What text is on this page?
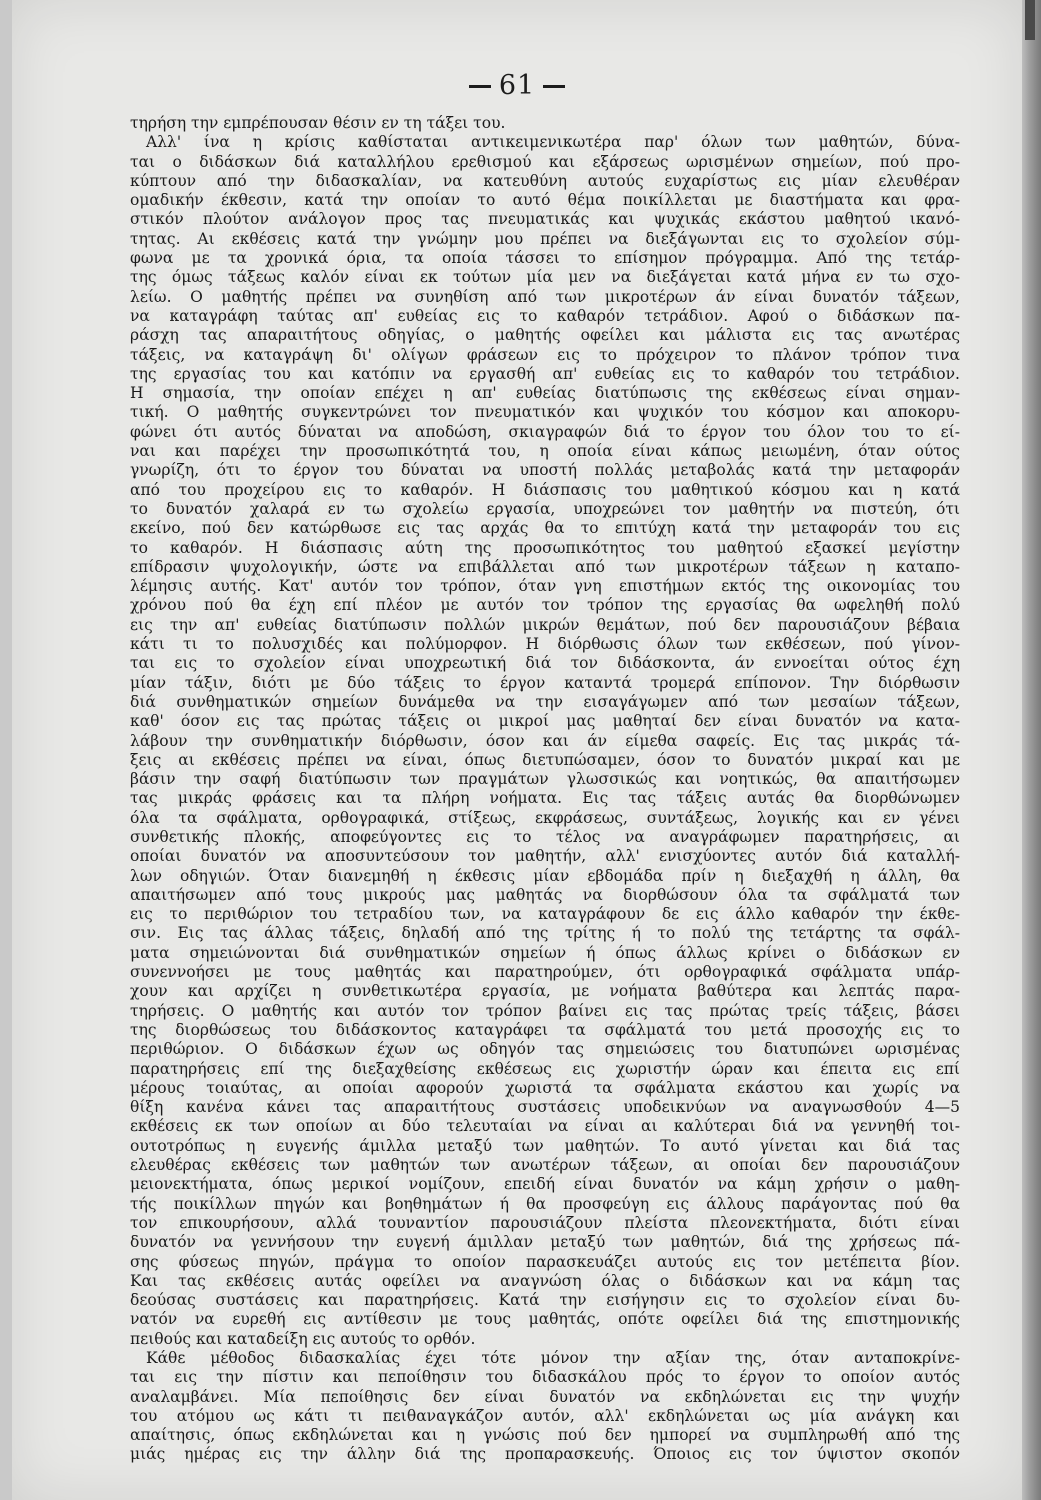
61
τηρήση την εμπρέπουσαν θέσιν εν τη τάξει του.
Αλλ' ίνα η κρίσις καθίσταται αντικειμενικωτέρα παρ' όλων των μαθητών, δύνα-
ται ο διδάσκων διά καταλλήλου ερεθισμού και εξάρσεως ωρισμένων σημείων, πού προ-
κύπτουν από την διδασκαλίαν, να κατευθύνη αυτούς ευχαρίστως εις μίαν ελευθέραν
ομαδικήν έκθεσιν, κατά την οποίαν το αυτό θέμα ποικίλλεται με διαστήματα και φρα-
στικόν πλούτον ανάλογον προς τας πνευματικάς και ψυχικάς εκάστου μαθητού ικανό-
τητας. Αι εκθέσεις κατά την γνώμην μου πρέπει να διεξάγωνται εις το σχολείον σύμ-
φωνα με τα χρονικά όρια, τα οποία τάσσει το επίσημον πρόγραμμα. Από της τετάρ-
της όμως τάξεως καλόν είναι εκ τούτων μία μεν να διεξάγεται κατά μήνα εν τω σχο-
λείω. Ο μαθητής πρέπει να συνηθίση από των μικροτέρων άν είναι δυνατόν τάξεων,
να καταγράφη ταύτας απ' ευθείας εις το καθαρόν τετράδιον. Αφού ο διδάσκων πα-
ράσχη τας απαραιτήτους οδηγίας, ο μαθητής οφείλει και μάλιστα εις τας ανωτέρας
τάξεις, να καταγράψη δι' ολίγων φράσεων εις το πρόχειρον το πλάνον τρόπον τινα
της εργασίας του και κατόπιν να εργασθή απ' ευθείας εις το καθαρόν του τετράδιον.
Η σημασία, την οποίαν επέχει η απ' ευθείας διατύπωσις της εκθέσεως είναι σημαν-
τική. Ο μαθητής συγκεντρώνει τον πνευματικόν και ψυχικόν του κόσμον και αποκορυ-
φώνει ότι αυτός δύναται να αποδώση, σκιαγραφών διά το έργον του όλον του το εί-
ναι και παρέχει την προσωπικότητά του, η οποία είναι κάπως μειωμένη, όταν ούτος
γνωρίζη, ότι το έργον του δύναται να υποστή πολλάς μεταβολάς κατά την μεταφοράν
από του προχείρου εις το καθαρόν. Η διάσπασις του μαθητικού κόσμου και η κατά
το δυνατόν χαλαρά εν τω σχολείω εργασία, υποχρεώνει τον μαθητήν να πιστεύη, ότι
εκείνο, πού δεν κατώρθωσε εις τας αρχάς θα το επιτύχη κατά την μεταφοράν του εις
το καθαρόν. Η διάσπασις αύτη της προσωπικότητος του μαθητού εξασκεί μεγίστην
επίδρασιν ψυχολογικήν, ώστε να επιβάλλεται από των μικροτέρων τάξεων η καταπο-
λέμησις αυτής. Κατ' αυτόν τον τρόπον, όταν γνη επιστήμων εκτός της οικονομίας του
χρόνου πού θα έχη επί πλέον με αυτόν τον τρόπον της εργασίας θα ωφεληθή πολύ
εις την απ' ευθείας διατύπωσιν πολλών μικρών θεμάτων, πού δεν παρουσιάζουν βέβαια
κάτι τι το πολυσχιδές και πολύμορφον. Η διόρθωσις όλων των εκθέσεων, πού γίνον-
ται εις το σχολείον είναι υποχρεωτική διά τον διδάσκοντα, άν εννοείται ούτος έχη
μίαν τάξιν, διότι με δύο τάξεις το έργον καταντά τρομερά επίπονον. Την διόρθωσιν
διά συνθηματικών σημείων δυνάμεθα να την εισαγάγωμεν από των μεσαίων τάξεων,
καθ' όσον εις τας πρώτας τάξεις οι μικροί μας μαθηταί δεν είναι δυνατόν να κατα-
λάβουν την συνθηματικήν διόρθωσιν, όσον και άν είμεθα σαφείς. Εις τας μικράς τά-
ξεις αι εκθέσεις πρέπει να είναι, όπως διετυπώσαμεν, όσον το δυνατόν μικραί και με
βάσιν την σαφή διατύπωσιν των πραγμάτων γλωσσικώς και νοητικώς, θα απαιτήσωμεν
τας μικράς φράσεις και τα πλήρη νοήματα. Εις τας τάξεις αυτάς θα διορθώνωμεν
όλα τα σφάλματα, ορθογραφικά, στίξεως, εκφράσεως, συντάξεως, λογικής και εν γένει
συνθετικής πλοκής, αποφεύγοντες εις το τέλος να αναγράφωμεν παρατηρήσεις, αι
οποίαι δυνατόν να αποσυντεύσουν τον μαθητήν, αλλ' ενισχύοντες αυτόν διά καταλλή-
λων οδηγιών. Όταν διανεμηθή η έκθεσις μίαν εβδομάδα πρίν η διεξαχθή η άλλη, θα
απαιτήσωμεν από τους μικρούς μας μαθητάς να διορθώσουν όλα τα σφάλματά των
εις το περιθώριον του τετραδίου των, να καταγράφουν δε εις άλλο καθαρόν την έκθε-
σιν. Εις τας άλλας τάξεις, δηλαδή από της τρίτης ή το πολύ της τετάρτης τα σφάλ-
ματα σημειώνονται διά συνθηματικών σημείων ή όπως άλλως κρίνει ο διδάσκων εν
συνεννοήσει με τους μαθητάς και παρατηρούμεν, ότι ορθογραφικά σφάλματα υπάρ-
χουν και αρχίζει η συνθετικωτέρα εργασία, με νοήματα βαθύτερα και λεπτάς παρα-
τηρήσεις. Ο μαθητής και αυτόν τον τρόπον βαίνει εις τας πρώτας τρείς τάξεις, βάσει
της διορθώσεως του διδάσκοντος καταγράφει τα σφάλματά του μετά προσοχής εις το
περιθώριον. Ο διδάσκων έχων ως οδηγόν τας σημειώσεις του διατυπώνει ωρισμένας
παρατηρήσεις επί της διεξαχθείσης εκθέσεως εις χωριστήν ώραν και έπειτα εις επί
μέρους τοιαύτας, αι οποίαι αφορούν χωριστά τα σφάλματα εκάστου και χωρίς να
θίξη κανένα κάνει τας απαραιτήτους συστάσεις υποδεικνύων να αναγνωσθούν 4—5
εκθέσεις εκ των οποίων αι δύο τελευταίαι να είναι αι καλύτεραι διά να γεννηθή τοι-
ουτοτρόπως η ευγενής άμιλλα μεταξύ των μαθητών. Το αυτό γίνεται και διά τας
ελευθέρας εκθέσεις των μαθητών των ανωτέρων τάξεων, αι οποίαι δεν παρουσιάζουν
μειονεκτήματα, όπως μερικοί νομίζουν, επειδή είναι δυνατόν να κάμη χρήσιν ο μαθη-
τής ποικίλλων πηγών και βοηθημάτων ή θα προσφεύγη εις άλλους παράγοντας πού θα
τον επικουρήσουν, αλλά τουναντίον παρουσιάζουν πλείστα πλεονεκτήματα, διότι είναι
δυνατόν να γεννήσουν την ευγενή άμιλλαν μεταξύ των μαθητών, διά της χρήσεως πά-
σης φύσεως πηγών, πράγμα το οποίον παρασκευάζει αυτούς εις τον μετέπειτα βίον.
Και τας εκθέσεις αυτάς οφείλει να αναγνώση όλας ο διδάσκων και να κάμη τας
δεούσας συστάσεις και παρατηρήσεις. Κατά την εισήγησιν εις το σχολείον είναι δυ-
νατόν να ευρεθή εις αντίθεσιν με τους μαθητάς, οπότε οφείλει διά της επιστημονικής
πειθούς και καταδείξη εις αυτούς το ορθόν.
Κάθε μέθοδος διδασκαλίας έχει τότε μόνον την αξίαν της, όταν ανταποκρίνε-
ται εις την πίστιν και πεποίθησιν του διδασκάλου πρός το έργον το οποίον αυτός
αναλαμβάνει. Μία πεποίθησις δεν είναι δυνατόν να εκδηλώνεται εις την ψυχήν
του ατόμου ως κάτι τι πειθαναγκάζον αυτόν, αλλ' εκδηλώνεται ως μία ανάγκη και
απαίτησις, όπως εκδηλώνεται και η γνώσις πού δεν ημπορεί να συμπληρωθή από της
μιάς ημέρας εις την άλλην διά της προπαρασκευής. Όποιος εις τον ύψιστον σκοπόν
